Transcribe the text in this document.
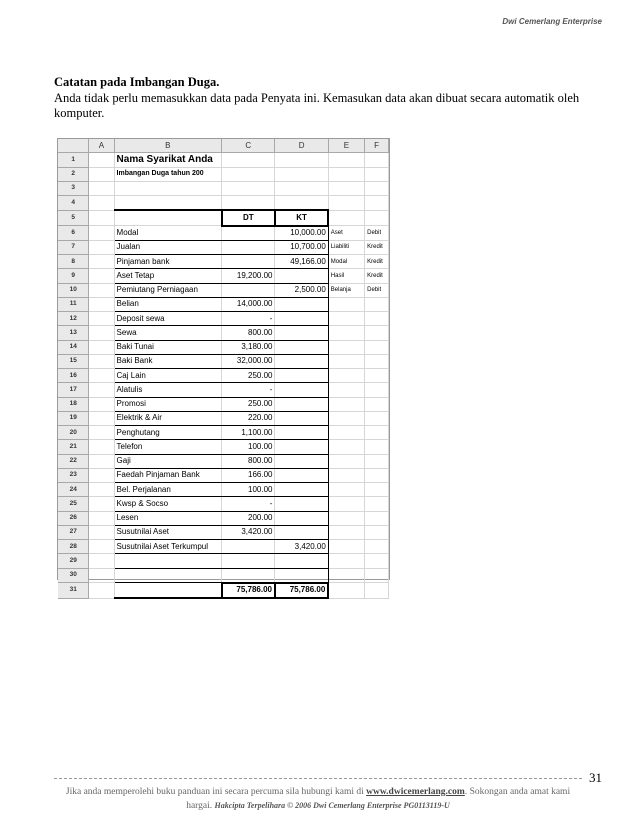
Dwi Cemerlang Enterprise
Catatan pada Imbangan Duga.
Anda tidak perlu memasukkan data pada Penyata ini. Kemasukan data akan dibuat secara automatik oleh komputer.
	A	B	C	D	E	F
1		Nama Syarikat Anda				
2		Imbangan Duga tahun 200				
3						
4						
5			DT	KT		
6		Modal		10,000.00	Aset	Debit
7		Jualan		10,700.00	Liabiliti	Kredit
8		Pinjaman bank		49,166.00	Modal	Kredit
9		Aset Tetap	19,200.00		Hasil	Kredit
10		Pemiutang Perniagaan		2,500.00	Belanja	Debit
11		Belian	14,000.00			
12		Deposit sewa	-			
13		Sewa	800.00			
14		Baki Tunai	3,180.00			
15		Baki Bank	32,000.00			
16		Caj Lain	250.00			
17		Alatulis	-			
18		Promosi	250.00			
19		Elektrik & Air	220.00			
20		Penghutang	1,100.00			
21		Telefon	100.00			
22		Gaji	800.00			
23		Faedah Pinjaman Bank	166.00			
24		Bel. Perjalanan	100.00			
25		Kwsp & Socso	-			
26		Lesen	200.00			
27		Susutnilai Aset	3,420.00			
28		Susutnilai Aset Terkumpul		3,420.00		
29						
30						
31			75,786.00	75,786.00		
31
Jika anda memperolehi buku panduan ini secara percuma sila hubungi kami di www.dwicemerlang.com. Sokongan anda amat kami hargai. Hakcipta Terpelihara © 2006 Dwi Cemerlang Enterprise PG0113119-U
